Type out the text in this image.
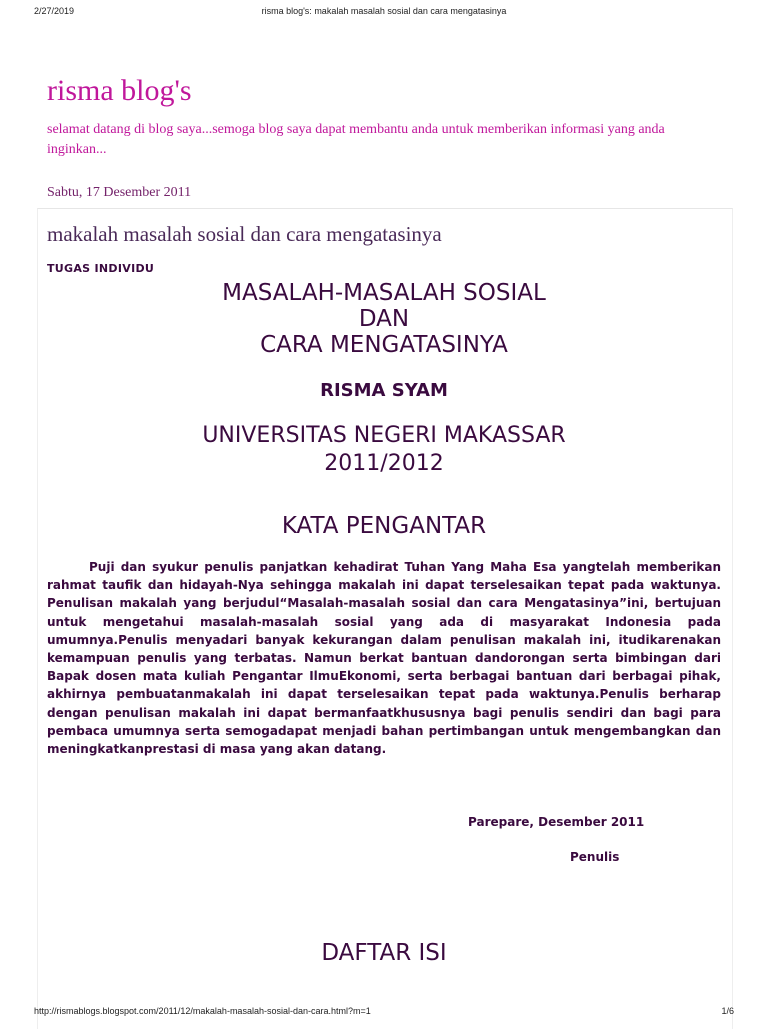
2/27/2019	risma blog's: makalah masalah sosial dan cara mengatasinya
risma blog's
selamat datang di blog saya...semoga blog saya dapat membantu anda untuk memberikan informasi yang anda inginkan...
Sabtu, 17 Desember 2011
makalah masalah sosial dan cara mengatasinya
TUGAS INDIVIDU
MASALAH-MASALAH SOSIAL
DAN
CARA MENGATASINYA
RISMA SYAM
UNIVERSITAS NEGERI MAKASSAR
2011/2012
KATA PENGANTAR
Puji dan syukur penulis panjatkan kehadirat Tuhan Yang Maha Esa yangtelah memberikan rahmat taufik dan hidayah-Nya sehingga makalah ini dapat terselesaikan tepat pada waktunya. Penulisan makalah yang berjudul“Masalah-masalah sosial dan cara Mengatasinya”ini, bertujuan untuk mengetahui masalah-masalah sosial yang ada di masyarakat Indonesia pada umumnya.Penulis menyadari banyak kekurangan dalam penulisan makalah ini, itudikarenakan kemampuan penulis yang terbatas. Namun berkat bantuan dandorongan serta bimbingan dari Bapak dosen mata kuliah Pengantar IlmuEkonomi, serta berbagai bantuan dari berbagai pihak, akhirnya pembuatanmakalah ini dapat terselesaikan tepat pada waktunya.Penulis berharap dengan penulisan makalah ini dapat bermanfaatkhususnya bagi penulis sendiri dan bagi para pembaca umumnya serta semogadapat menjadi bahan pertimbangan untuk mengembangkan dan meningkatkanprestasi di masa yang akan datang.
Parepare, Desember 2011
Penulis
DAFTAR ISI
http://rismablogs.blogspot.com/2011/12/makalah-masalah-sosial-dan-cara.html?m=1	1/6
